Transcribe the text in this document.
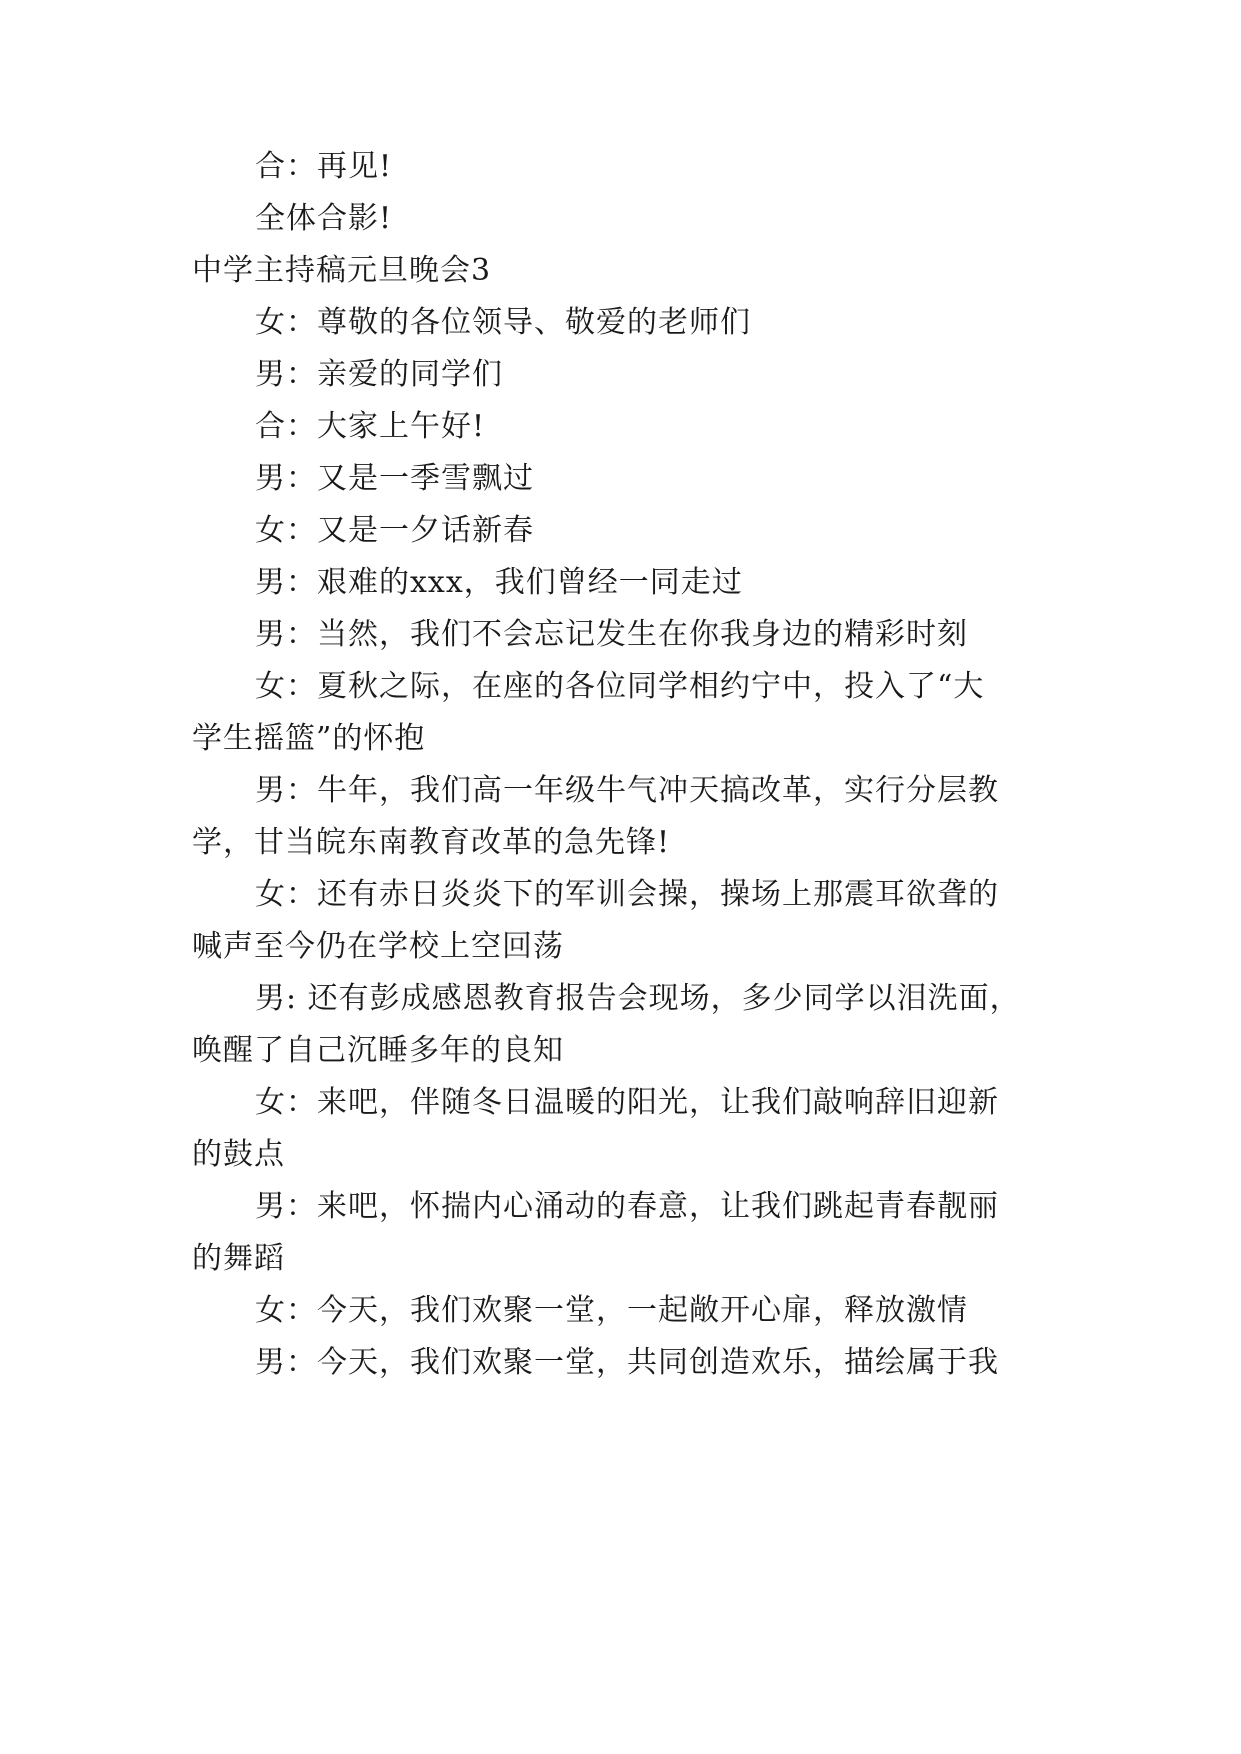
合：再见!

全体合影!

中学主持稿元旦晚会3

女：尊敬的各位领导、敬爱的老师们

男：亲爱的同学们

合：大家上午好!

男：又是一季雪飘过

女：又是一夕话新春

男：艰难的xxx，我们曾经一同走过

男：当然，我们不会忘记发生在你我身边的精彩时刻

女：夏秋之际，在座的各位同学相约宁中，投入了“大

学生摇篮”的怀抱

男：牛年，我们高一年级牛气冲天搞改革，实行分层教

学，甘当皖东南教育改革的急先锋!

女：还有赤日炎炎下的军训会操，操场上那震耳欲聋的

喊声至今仍在学校上空回荡

男: 还有彭成感恩教育报告会现场，多少同学以泪洗面，

唤醒了自己沉睡多年的良知

女：来吧，伴随冬日温暖的阳光，让我们敲响辞旧迎新

的鼓点

男：来吧，怀揣内心涌动的春意，让我们跳起青春靓丽

的舞蹈

女：今天，我们欢聚一堂，一起敞开心扉，释放激情

男：今天，我们欢聚一堂，共同创造欢乐，描绘属于我
